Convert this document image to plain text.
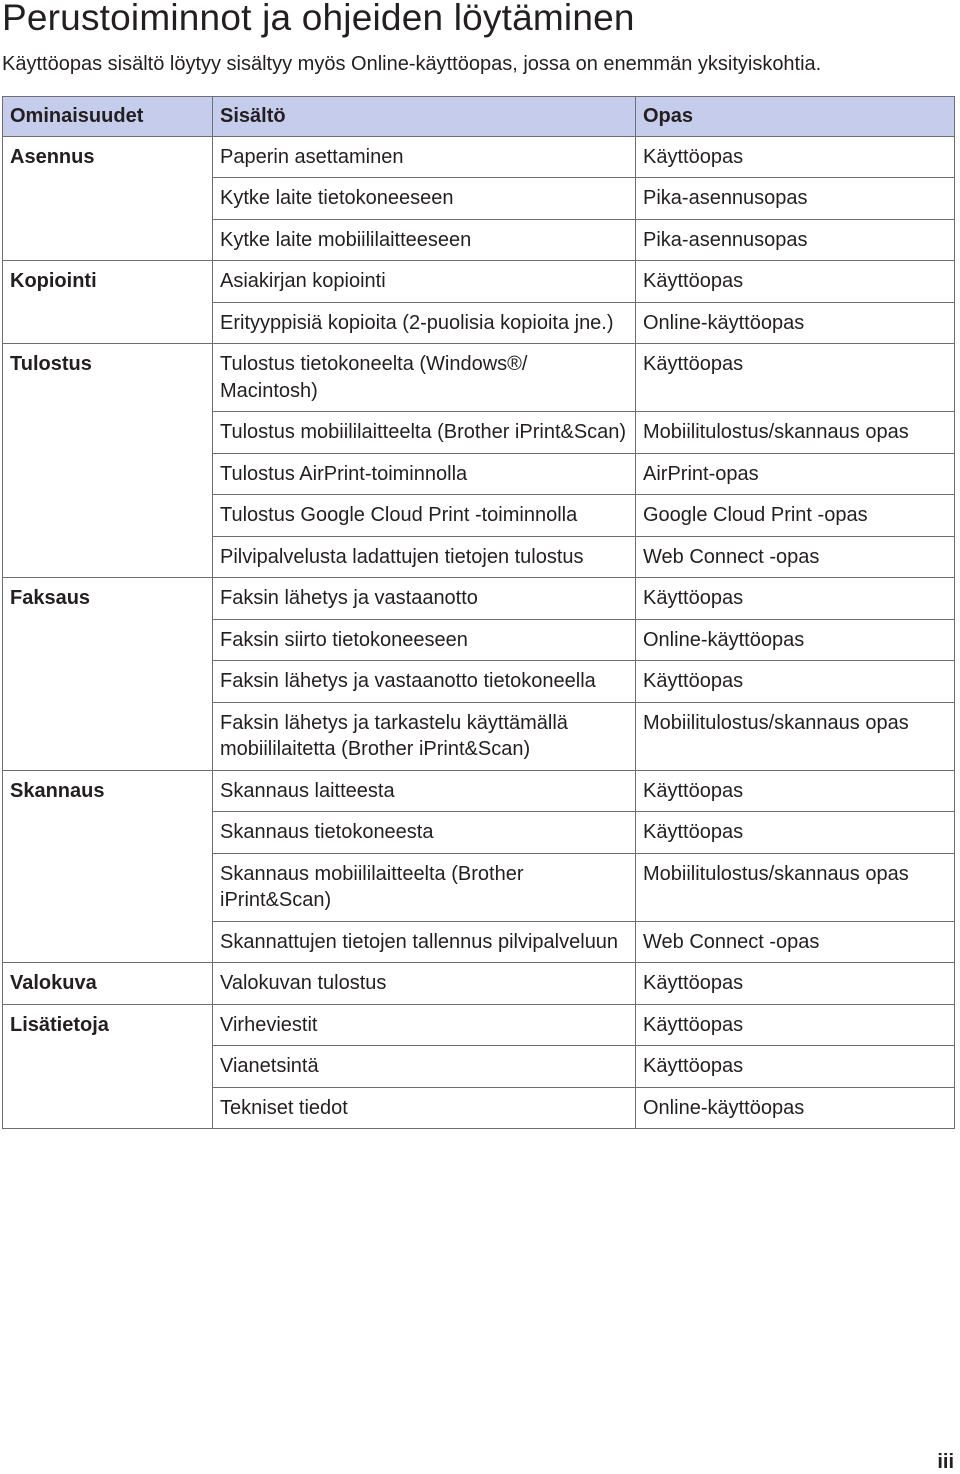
Perustoiminnot ja ohjeiden löytäminen

Käyttöopas sisältö löytyy sisältyy myös Online-käyttöopas, jossa on enemmän yksityiskohtia.

Ominaisuudet	Sisältö	Opas
Asennus	Paperin asettaminen	Käyttöopas
	Kytke laite tietokoneeseen	Pika-asennusopas
	Kytke laite mobiililaitteeseen	Pika-asennusopas
Kopiointi	Asiakirjan kopiointi	Käyttöopas
	Erityyppisiä kopioita (2-puolisia kopioita jne.)	Online-käyttöopas
Tulostus	Tulostus tietokoneelta (Windows®/ Macintosh)	Käyttöopas
	Tulostus mobiililaitteelta (Brother iPrint&Scan)	Mobiilitulostus/skannaus opas
	Tulostus AirPrint-toiminnolla	AirPrint-opas
	Tulostus Google Cloud Print -toiminnolla	Google Cloud Print -opas
	Pilvipalvelusta ladattujen tietojen tulostus	Web Connect -opas
Faksaus	Faksin lähetys ja vastaanotto	Käyttöopas
	Faksin siirto tietokoneeseen	Online-käyttöopas
	Faksin lähetys ja vastaanotto tietokoneella	Käyttöopas
	Faksin lähetys ja tarkastelu käyttämällä mobiililaitetta (Brother iPrint&Scan)	Mobiilitulostus/skannaus opas
Skannaus	Skannaus laitteesta	Käyttöopas
	Skannaus tietokoneesta	Käyttöopas
	Skannaus mobiililaitteelta (Brother iPrint&Scan)	Mobiilitulostus/skannaus opas
	Skannattujen tietojen tallennus pilvipalveluun	Web Connect -opas
Valokuva	Valokuvan tulostus	Käyttöopas
Lisätietoja	Virheviestit	Käyttöopas
	Vianetsintä	Käyttöopas
	Tekniset tiedot	Online-käyttöopas
iii
